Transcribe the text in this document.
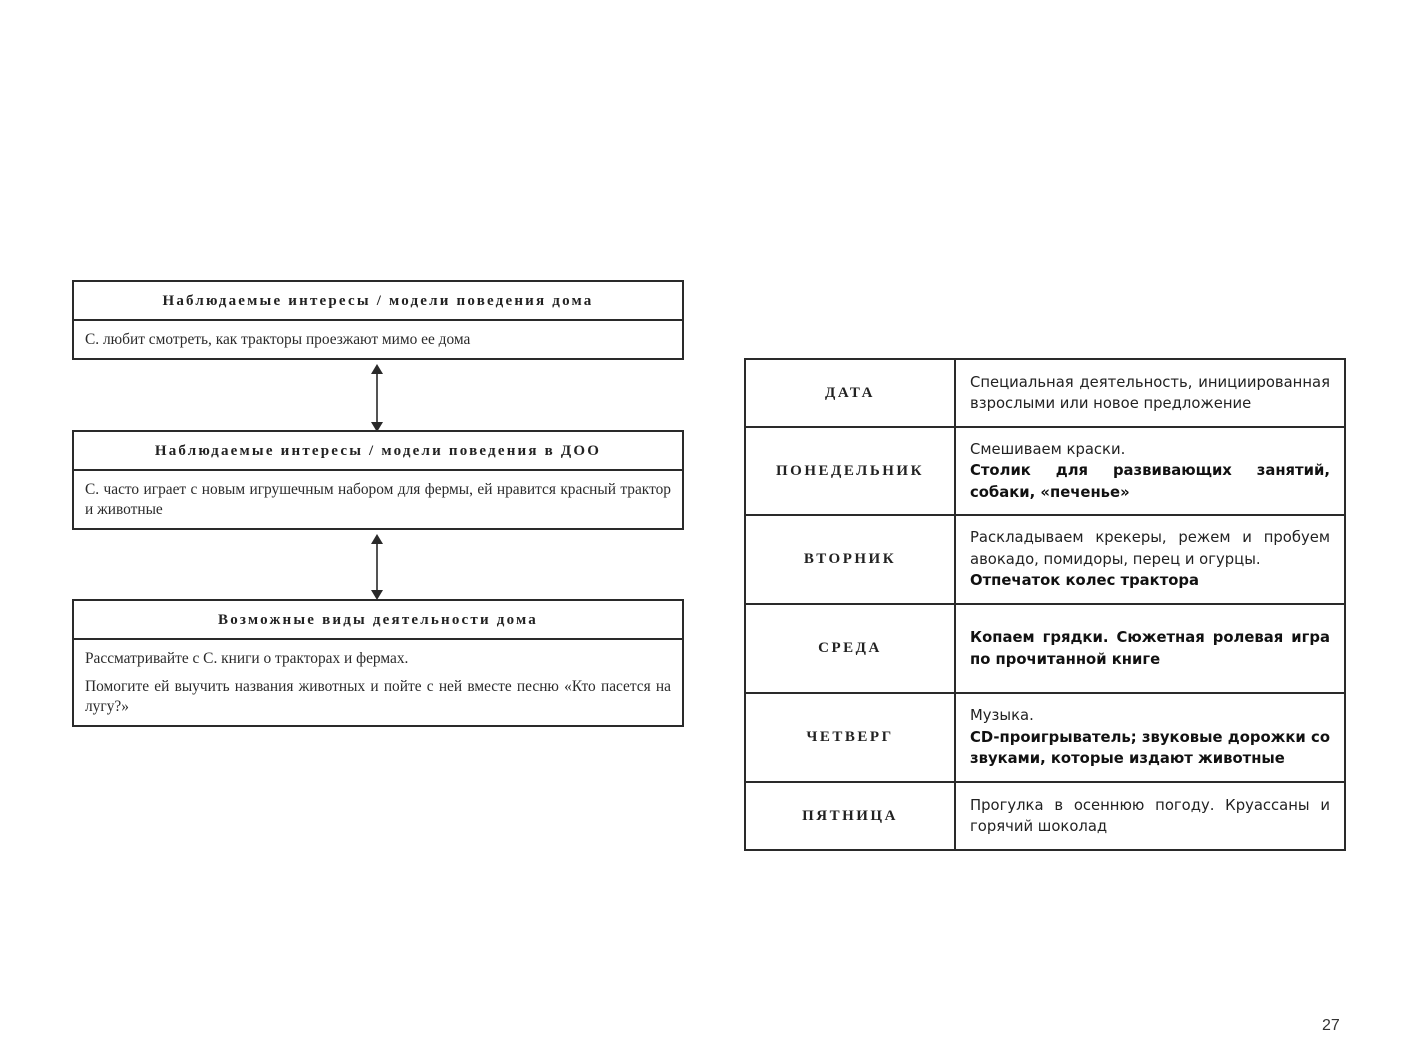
Наблюдаемые интересы / модели поведения дома

С. любит смотреть, как тракторы проезжают мимо ее дома

Наблюдаемые интересы / модели поведения в ДОО

С. часто играет с новым игрушечным набором для фермы, ей нравится красный трактор и животные

Возможные виды деятельности дома

Рассматривайте с С. книги о тракторах и фермах.

Помогите ей выучить названия животных и пойте с ней вместе песню «Кто пасется на лугу?»

ДАТА	Специальная деятельность, инициированная взрослыми или новое предложение

ПОНЕДЕЛЬНИК	Смешиваем краски.
Столик для развивающих занятий, собаки, «печенье»

ВТОРНИК	Раскладываем крекеры, режем и пробуем авокадо, помидоры, перец и огурцы.
Отпечаток колес трактора

СРЕДА	Копаем грядки. Сюжетная ролевая игра по прочитанной книге

ЧЕТВЕРГ	Музыка.
CD-проигрыватель; звуковые дорожки со звуками, которые издают животные

ПЯТНИЦА	Прогулка в осеннюю погоду. Круассаны и горячий шоколад
27
